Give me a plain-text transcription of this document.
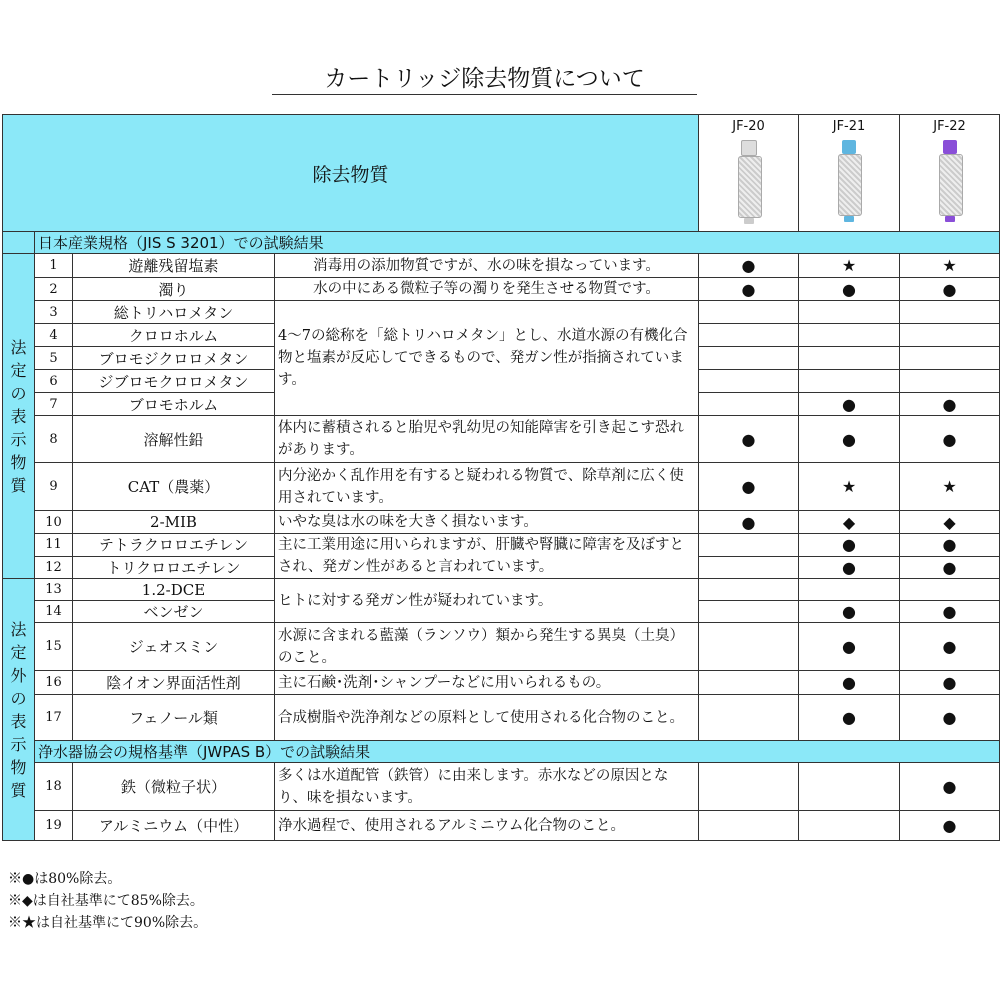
カートリッジ除去物質について
除去物質				JF-20	JF-21	JF-22

	日本産業規格（JIS S 3201）での試験結果					

法定の表示物質	1	遊離残留塩素	消毒用の添加物質ですが、水の味を損なっています。	●	★	★
	2	濁り	水の中にある微粒子等の濁りを発生させる物質です。	●	●	●
	3	総トリハロメタン	4～7の総称を「総トリハロメタン」とし、水道水源の有機化合物と塩素が反応してできるもので、発ガン性が指摘されています。			
	4	クロロホルム				
	5	ブロモジクロロメタン				
	6	ジブロモクロロメタン				
	7	ブロモホルム			●	●
	8	溶解性鉛	体内に蓄積されると胎児や乳幼児の知能障害を引き起こす恐れがあります。	●	●	●
	9	CAT（農薬）	内分泌かく乱作用を有すると疑われる物質で、除草剤に広く使用されています。	●	★	★
	10	2-MIB	いやな臭は水の味を大きく損ないます。	●	◆	◆
	11	テトラクロロエチレン	主に工業用途に用いられますが、肝臓や腎臓に障害を及ぼすとされ、発ガン性があると言われています。		●	●
	12	トリクロロエチレン			●	●

法定外の表示物質	13	1.2-DCE	ヒトに対する発ガン性が疑われています。			
	14	ベンゼン			●	●
	15	ジェオスミン	水源に含まれる藍藻（ランソウ）類から発生する異臭（土臭）のこと。		●	●
	16	陰イオン界面活性剤	主に石鹸･洗剤･シャンプーなどに用いられるもの。		●	●
	17	フェノール類	合成樹脂や洗浄剤などの原料として使用される化合物のこと。		●	●
	浄水器協会の規格基準（JWPAS B）での試験結果					
	18	鉄（微粒子状）	多くは水道配管（鉄管）に由来します。赤水などの原因となり、味を損ないます。			●
	19	アルミニウム（中性）	浄水過程で、使用されるアルミニウム化合物のこと。			●
※●は80%除去。
※◆は自社基準にて85%除去。
※★は自社基準にて90%除去。
